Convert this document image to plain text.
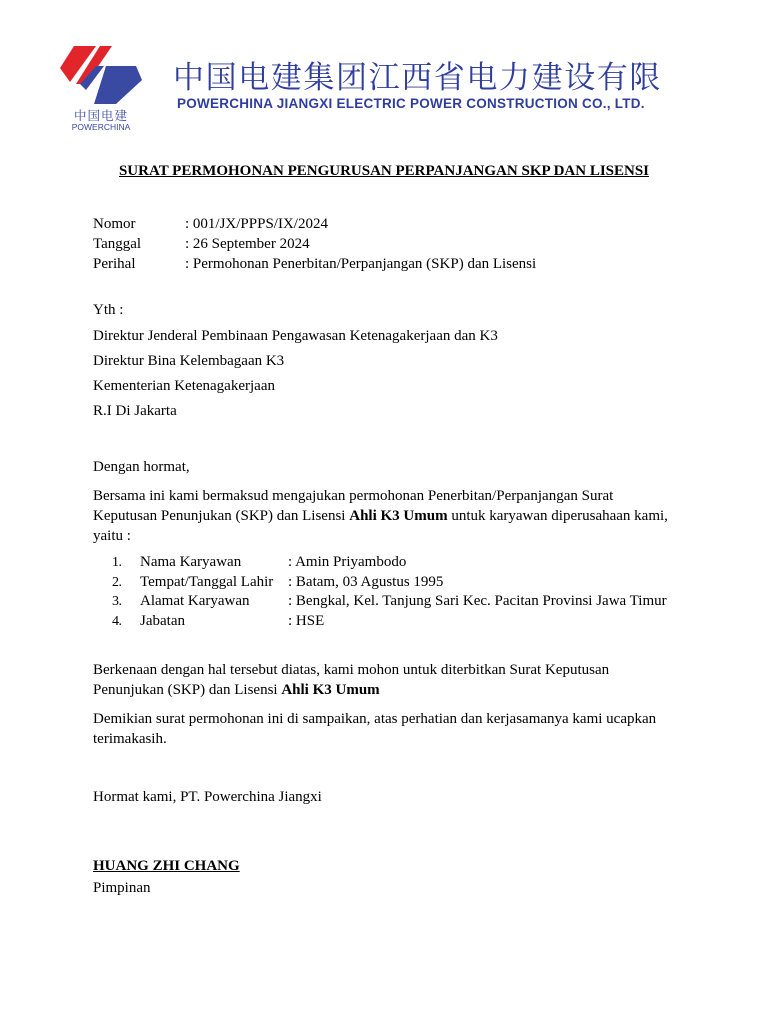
中国电建
POWERCHINA
中国电建集团江西省电力建设有限
POWERCHINA JIANGXI ELECTRIC POWER CONSTRUCTION CO., LTD.
SURAT PERMOHONAN PENGURUSAN PERPANJANGAN SKP DAN LISENSI
Nomor	: 001/JX/PPPS/IX/2024
Tanggal	: 26 September 2024
Perihal	: Permohonan Penerbitan/Perpanjangan (SKP) dan Lisensi
Yth :
Direktur Jenderal Pembinaan Pengawasan Ketenagakerjaan dan K3
Direktur Bina Kelembagaan K3
Kementerian Ketenagakerjaan
R.I Di Jakarta
Dengan hormat,
Bersama ini kami bermaksud mengajukan permohonan Penerbitan/Perpanjangan Surat Keputusan Penunjukan (SKP) dan Lisensi Ahli K3 Umum untuk karyawan diperusahaan kami, yaitu :
1.	Nama Karyawan	: Amin Priyambodo
2.	Tempat/Tanggal Lahir	: Batam, 03 Agustus 1995
3.	Alamat Karyawan	: Bengkal, Kel. Tanjung Sari Kec. Pacitan Provinsi Jawa Timur
4.	Jabatan	: HSE
Berkenaan dengan hal tersebut diatas, kami mohon untuk diterbitkan Surat Keputusan Penunjukan (SKP) dan Lisensi Ahli K3 Umum
Demikian surat permohonan ini di sampaikan, atas perhatian dan kerjasamanya kami ucapkan terimakasih.
Hormat kami, PT. Powerchina Jiangxi
HUANG ZHI CHANG
Pimpinan
